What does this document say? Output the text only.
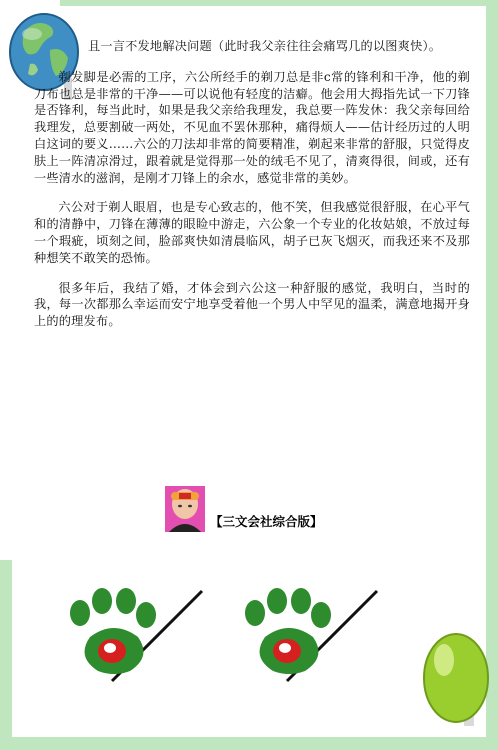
且一言不发地解决问题（此时我父亲往往会痛骂几的以图爽快）。

剃发脚是必需的工序，六公所经手的剃刀总是非c常的锋利和干净，他的剃刀布也总是非常的干净——可以说他有轻度的洁癖。他会用大拇指先试一下刀锋是否锋利，每当此时，如果是我父亲给我理发，我总要一阵发休：我父亲每回给我理发，总要割破一两处，不见血不罢休那种，痛得烦人——估计经历过的人明白这词的要义……六公的刀法却非常的简要精准，剃起来非常的舒服，只觉得皮肤上一阵清凉滑过，跟着就是觉得那一处的绒毛不见了，清爽得很，间或，还有一些清水的滋润，是刚才刀锋上的余水，感觉非常的美妙。

六公对于剃人眼眉，也是专心致志的，他不笑，但我感觉很舒服，在心平气和的清静中，刀锋在薄薄的眼睑中游走，六公象一个专业的化妆姑娘，不放过每一个瑕疵，顷刻之间，脸部爽快如清晨临风，胡子已灰飞烟灭，而我还来不及那种想笑不敢笑的恐怖。

很多年后，我结了婚，才体会到六公这一种舒服的感觉，我明白，当时的我，每一次都那么幸运而安宁地享受着他一个男人中罕见的温柔，满意地揭开身上的的理发布。

【三文会社综合版】
